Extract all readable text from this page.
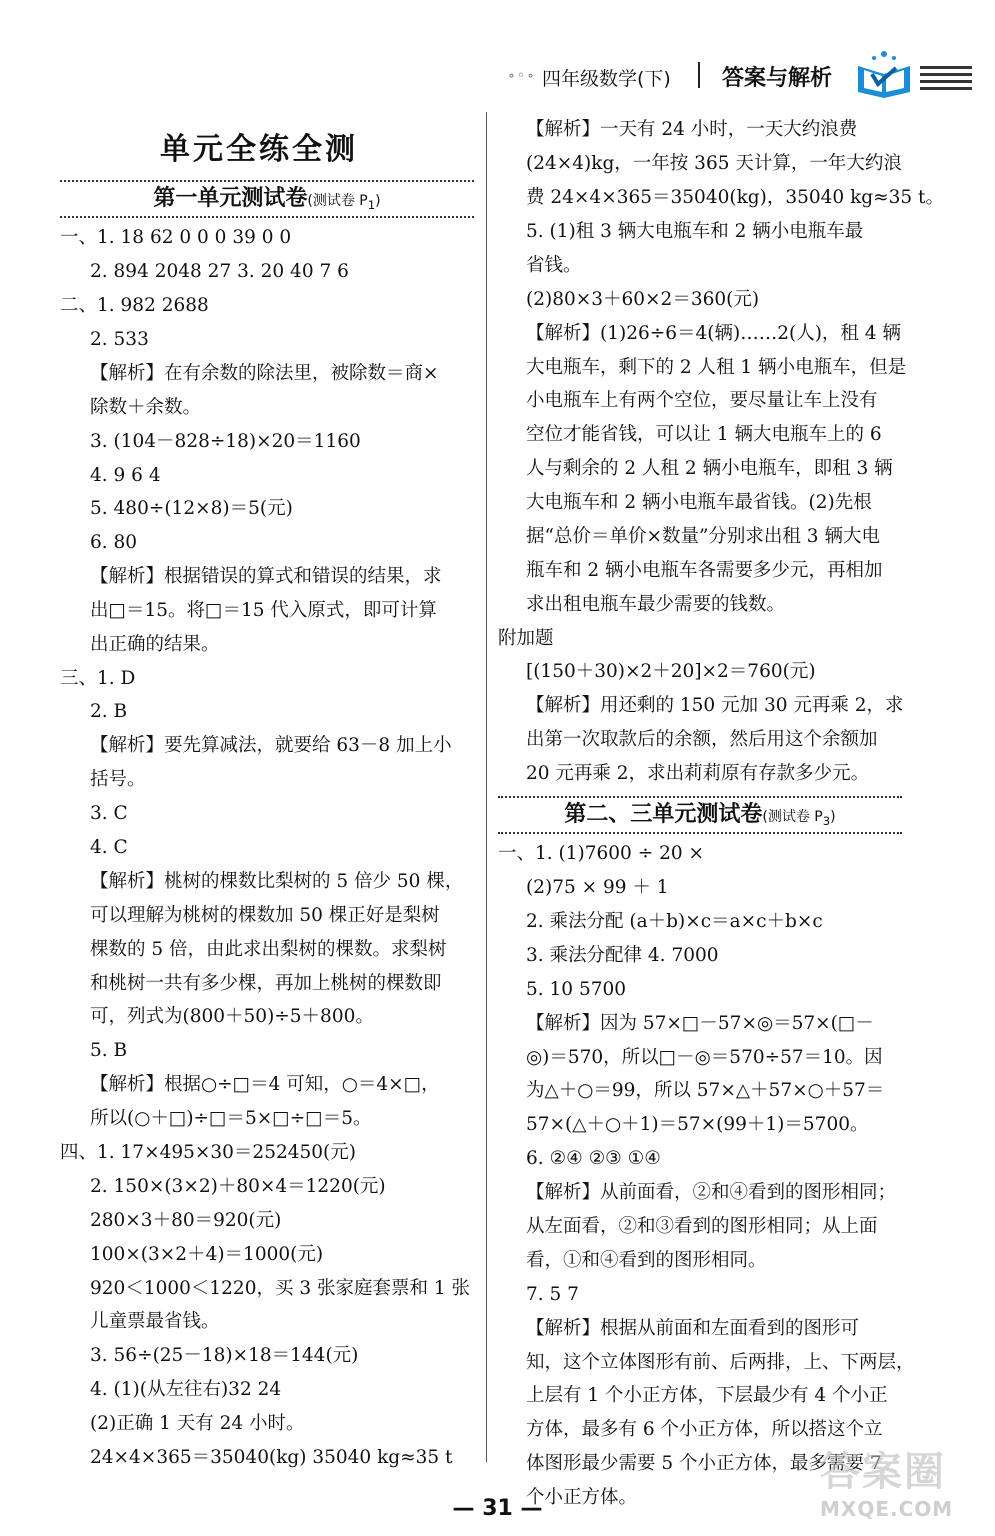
∘◦∘ 四年级数学(下) 答案与解析
单元全练全测
第一单元测试卷(测试卷 $P_1$)
一、1. 18 62 0 0 0 39 0 0
2. 894 2048 27 3. 20 40 7 6
二、1. 982 2688
2. 533
【解析】在有余数的除法里，被除数＝商×
除数＋余数。
3. (104－828÷18)×20＝1160
4. 9 6 4
5. 480÷(12×8)＝5(元)
6. 80
【解析】根据错误的算式和错误的结果，求
出□＝15。将□＝15 代入原式，即可计算
出正确的结果。
三、1. D
2. B
【解析】要先算减法，就要给 63－8 加上小
括号。
3. C
4. C
【解析】桃树的棵数比梨树的 5 倍少 50 棵，
可以理解为桃树的棵数加 50 棵正好是梨树
棵数的 5 倍，由此求出梨树的棵数。求梨树
和桃树一共有多少棵，再加上桃树的棵数即
可，列式为(800＋50)÷5＋800。
5. B
【解析】根据○÷□＝4 可知，○＝4×□，
所以(○＋□)÷□＝5×□÷□＝5。
四、1. 17×495×30＝252450(元)
2. 150×(3×2)＋80×4＝1220(元)
280×3＋80＝920(元)
100×(3×2＋4)＝1000(元)
920＜1000＜1220，买 3 张家庭套票和 1 张
儿童票最省钱。
3. 56÷(25－18)×18＝144(元)
4. (1)(从左往右)32 24
(2)正确 1 天有 24 小时。
24×4×365＝35040(kg) 35040 kg≈35 t
【解析】一天有 24 小时，一天大约浪费
(24×4)kg，一年按 365 天计算，一年大约浪
费 24×4×365＝35040(kg)，35040 kg≈35 t。
5. (1)租 3 辆大电瓶车和 2 辆小电瓶车最
省钱。
(2)80×3＋60×2＝360(元)
【解析】(1)26÷6＝4(辆)……2(人)，租 4 辆
大电瓶车，剩下的 2 人租 1 辆小电瓶车，但是
小电瓶车上有两个空位，要尽量让车上没有
空位才能省钱，可以让 1 辆大电瓶车上的 6
人与剩余的 2 人租 2 辆小电瓶车，即租 3 辆
大电瓶车和 2 辆小电瓶车最省钱。(2)先根
据“总价＝单价×数量”分别求出租 3 辆大电
瓶车和 2 辆小电瓶车各需要多少元，再相加
求出租电瓶车最少需要的钱数。
附加题
[(150＋30)×2＋20]×2＝760(元)
【解析】用还剩的 150 元加 30 元再乘 2，求
出第一次取款后的余额，然后用这个余额加
20 元再乘 2，求出莉莉原有存款多少元。
第二、三单元测试卷(测试卷 $P_3$)
一、1. (1)7600 ÷ 20 ×
(2)75 × 99 ＋ 1
2. 乘法分配 (a＋b)×c＝a×c＋b×c
3. 乘法分配律 4. 7000
5. 10 5700
【解析】因为 57×□－57×◎＝57×(□－
◎)＝570，所以□－◎＝570÷57＝10。因
为△＋○＝99，所以 57×△＋57×○＋57＝
57×(△＋○＋1)＝57×(99＋1)＝5700。
6. ②④ ②③ ①④
【解析】从前面看，②和④看到的图形相同；
从左面看，②和③看到的图形相同；从上面
看，①和④看到的图形相同。
7. 5 7
【解析】根据从前面和左面看到的图形可
知，这个立体图形有前、后两排，上、下两层，
上层有 1 个小正方体，下层最少有 4 个小正
方体，最多有 6 个小正方体，所以搭这个立
体图形最少需要 5 个小正方体，最多需要 7
个小正方体。
— 31 —
答案圈
MXQE.COM
